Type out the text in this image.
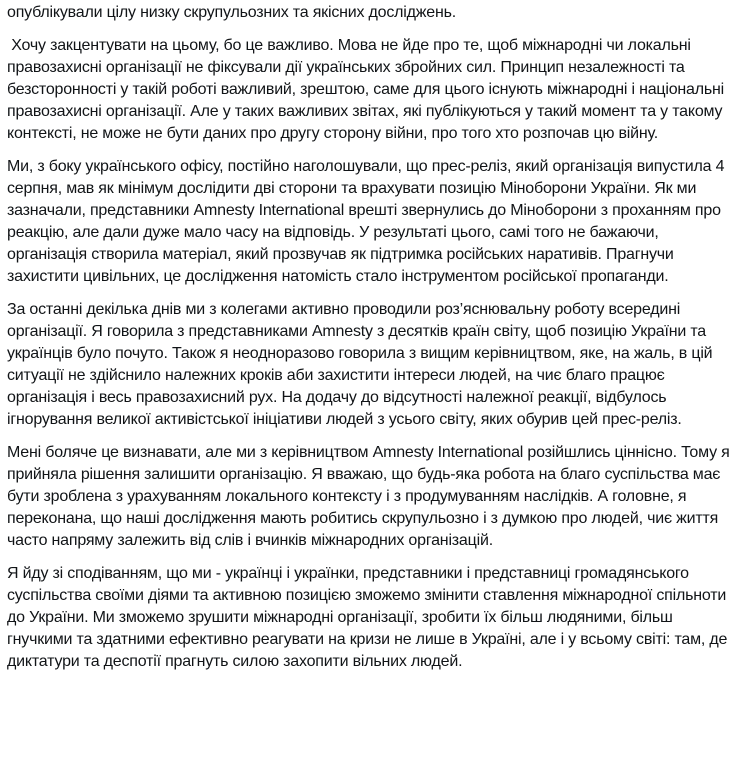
опублікували цілу низку скрупульозних та якісних досліджень.

Хочу закцентувати на цьому, бо це важливо. Мова не йде про те, щоб міжнародні чи локальні правозахисні організації не фіксували дії українських збройних сил. Принцип незалежності та безсторонності у такій роботі важливий, зрештою, саме для цього існують міжнародні і національні правозахисні організації. Але у таких важливих звітах, які публікуються у такий момент та у такому контексті, не може не бути даних про другу сторону війни, про того хто розпочав цю війну.

Ми, з боку українського офісу, постійно наголошували, що прес-реліз, який організація випустила 4 серпня, мав як мінімум дослідити дві сторони та врахувати позицію Міноборони України. Як ми зазначали, представники Amnesty International врешті звернулись до Міноборони з проханням про реакцію, але дали дуже мало часу на відповідь. У результаті цього, самі того не бажаючи, організація створила матеріал, який прозвучав як підтримка російських наративів. Прагнучи захистити цивільних, це дослідження натомість стало інструментом російської пропаганди.

За останні декілька днів ми з колегами активно проводили роз’яснювальну роботу всередині організації. Я говорила з представниками Amnesty з десятків країн світу, щоб позицію України та українців було почуто. Також я неодноразово говорила з вищим керівництвом, яке, на жаль, в цій ситуації не здійснило належних кроків аби захистити інтереси людей, на чиє благо працює організація і весь правозахисний рух. На додачу до відсутності належної реакції, відбулось ігнорування великої активістської ініціативи людей з усього світу, яких обурив цей прес-реліз.

Мені боляче це визнавати, але ми з керівництвом Amnesty International розійшлись ціннісно. Тому я прийняла рішення залишити організацію. Я вважаю, що будь-яка робота на благо суспільства має бути зроблена з урахуванням локального контексту і з продумуванням наслідків. А головне, я переконана, що наші дослідження мають робитись скрупульозно і з думкою про людей, чиє життя часто напряму залежить від слів і вчинків міжнародних організацій.

Я йду зі сподіванням, що ми - українці і українки, представники і представниці громадянського суспільства своїми діями та активною позицією зможемо змінити ставлення міжнародної спільноти до України. Ми зможемо зрушити міжнародні організації, зробити їх більш людяними, більш гнучкими та здатними ефективно реагувати на кризи не лише в Україні, але і у всьому світі: там, де диктатури та деспотії прагнуть силою захопити вільних людей.
